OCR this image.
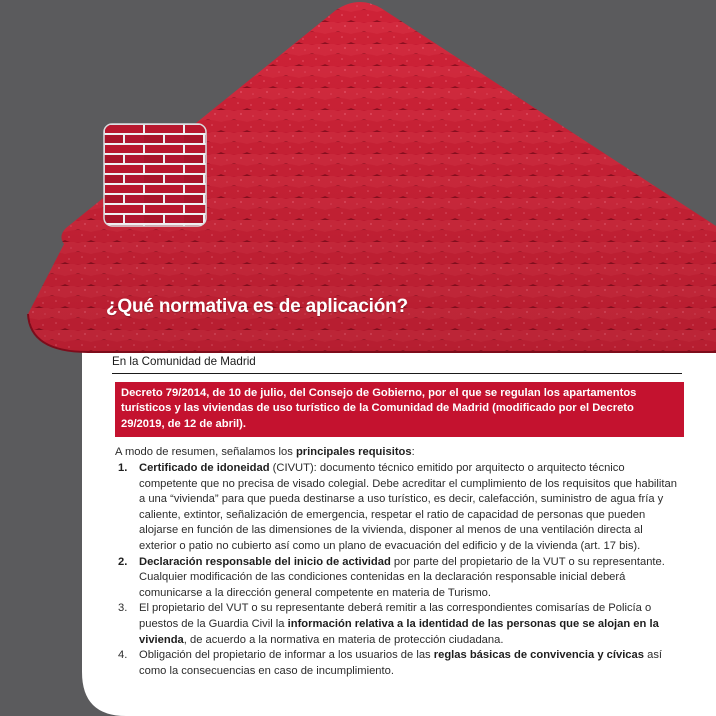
¿Qué normativa es de aplicación?
En la Comunidad de Madrid
Decreto 79/2014, de 10 de julio, del Consejo de Gobierno, por el que se regulan los apartamentos turísticos y las viviendas de uso turístico de la Comunidad de Madrid (modificado por el Decreto 29/2019, de 12 de abril).
A modo de resumen, señalamos los principales requisitos:
1. Certificado de idoneidad (CIVUT): documento técnico emitido por arquitecto o arquitecto técnico competente que no precisa de visado colegial. Debe acreditar el cumplimiento de los requisitos que habilitan a una “vivienda” para que pueda destinarse a uso turístico, es decir, calefacción, suministro de agua fría y caliente, extintor, señalización de emergencia, respetar el ratio de capacidad de personas que pueden alojarse en función de las dimensiones de la vivienda, disponer al menos de una ventilación directa al exterior o patio no cubierto así como un plano de evacuación del edificio y de la vivienda (art. 17 bis).
2. Declaración responsable del inicio de actividad por parte del propietario de la VUT o su representante. Cualquier modificación de las condiciones contenidas en la declaración responsable inicial deberá comunicarse a la dirección general competente en materia de Turismo.
3. El propietario del VUT o su representante deberá remitir a las correspondientes comisarías de Policía o puestos de la Guardia Civil la información relativa a la identidad de las personas que se alojan en la vivienda, de acuerdo a la normativa en materia de protección ciudadana.
4. Obligación del propietario de informar a los usuarios de las reglas básicas de convivencia y cívicas así como la consecuencias en caso de incumplimiento.
